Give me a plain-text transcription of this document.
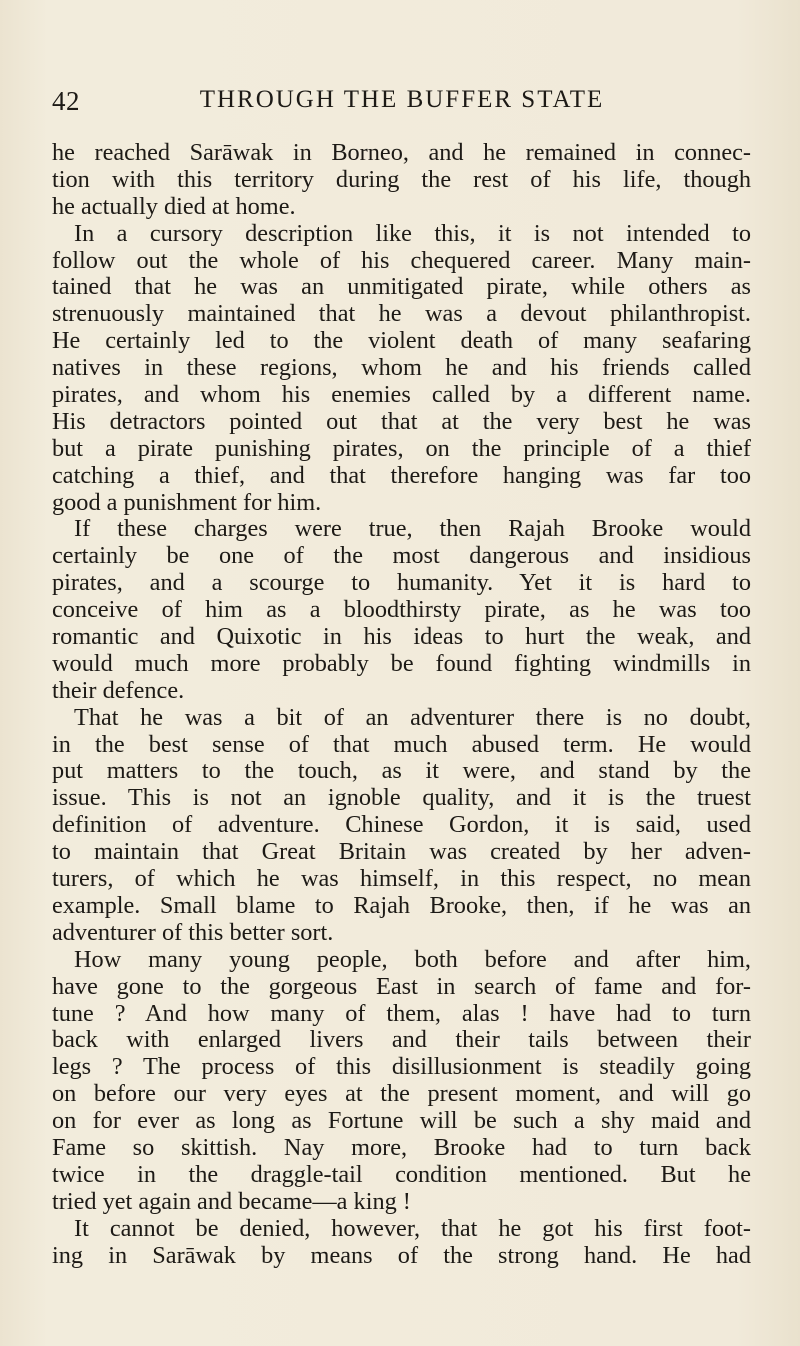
42	THROUGH THE BUFFER STATE
he reached Sarāwak in Borneo, and he remained in connec-
tion with this territory during the rest of his life, though
he actually died at home.
In a cursory description like this, it is not intended to
follow out the whole of his chequered career. Many main-
tained that he was an unmitigated pirate, while others as
strenuously maintained that he was a devout philanthropist.
He certainly led to the violent death of many seafaring
natives in these regions, whom he and his friends called
pirates, and whom his enemies called by a different name.
His detractors pointed out that at the very best he was
but a pirate punishing pirates, on the principle of a thief
catching a thief, and that therefore hanging was far too
good a punishment for him.
If these charges were true, then Rajah Brooke would
certainly be one of the most dangerous and insidious
pirates, and a scourge to humanity. Yet it is hard to
conceive of him as a bloodthirsty pirate, as he was too
romantic and Quixotic in his ideas to hurt the weak, and
would much more probably be found fighting windmills in
their defence.
That he was a bit of an adventurer there is no doubt,
in the best sense of that much abused term. He would
put matters to the touch, as it were, and stand by the
issue. This is not an ignoble quality, and it is the truest
definition of adventure. Chinese Gordon, it is said, used
to maintain that Great Britain was created by her adven-
turers, of which he was himself, in this respect, no mean
example. Small blame to Rajah Brooke, then, if he was an
adventurer of this better sort.
How many young people, both before and after him,
have gone to the gorgeous East in search of fame and for-
tune ? And how many of them, alas ! have had to turn
back with enlarged livers and their tails between their
legs ? The process of this disillusionment is steadily going
on before our very eyes at the present moment, and will go
on for ever as long as Fortune will be such a shy maid and
Fame so skittish. Nay more, Brooke had to turn back
twice in the draggle-tail condition mentioned. But he
tried yet again and became—a king !
It cannot be denied, however, that he got his first foot-
ing in Sarāwak by means of the strong hand. He had
